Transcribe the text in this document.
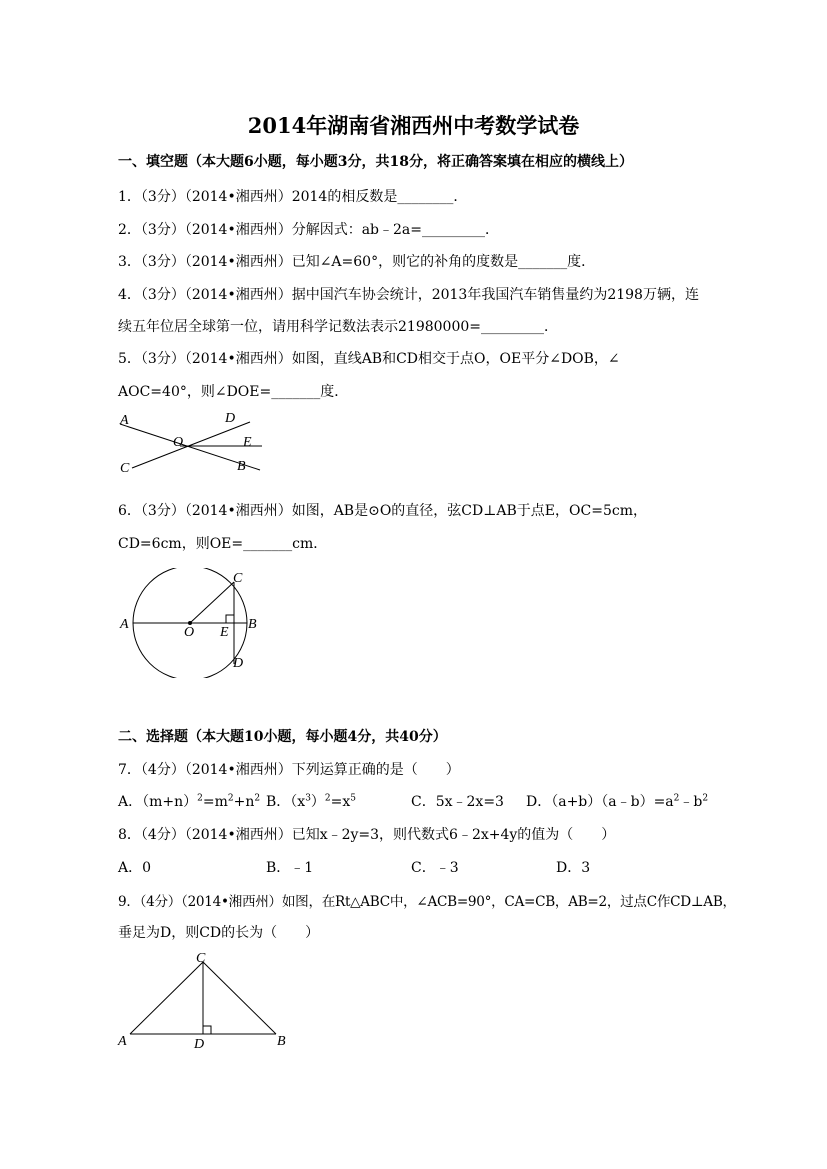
2014年湖南省湘西州中考数学试卷
一、填空题（本大题6小题，每小题3分，共18分，将正确答案填在相应的横线上）
1．（3分）（2014•湘西州）2014的相反数是________．
2．（3分）（2014•湘西州）分解因式：ab﹣2a=_________．
3．（3分）（2014•湘西州）已知∠A=60°，则它的补角的度数是_______度．
4．（3分）（2014•湘西州）据中国汽车协会统计，2013年我国汽车销售量约为2198万辆，连
续五年位居全球第一位，请用科学记数法表示21980000=_________．
5．（3分）（2014•湘西州）如图，直线AB和CD相交于点O，OE平分∠DOB，∠
AOC=40°，则∠DOE=_______度．
A	D
O	E
C	B
6．（3分）（2014•湘西州）如图，AB是⊙O的直径，弦CD⊥AB于点E，OC=5cm，
CD=6cm，则OE=_______cm．
A	B
C
D
O E
二、选择题（本大题10小题，每小题4分，共40分）
7．（4分）（2014•湘西州）下列运算正确的是（　　）
A．$(m+n)^2=m^2+n^2$ B．$(x^3)^2=x^5$	C．5x﹣2x=3 D．$(a+b)(a﹣b)=a^2﹣b^2$
8．（4分）（2014•湘西州）已知x﹣2y=3，则代数式6﹣2x+4y的值为（　　）
A．0	B．﹣1	C．﹣3	D．3
9．（4分）（2014•湘西州）如图，在Rt△ABC中，∠ACB=90°，CA=CB，AB=2，过点C作CD⊥AB，
垂足为D，则CD的长为（　　）
C
A	B
D
